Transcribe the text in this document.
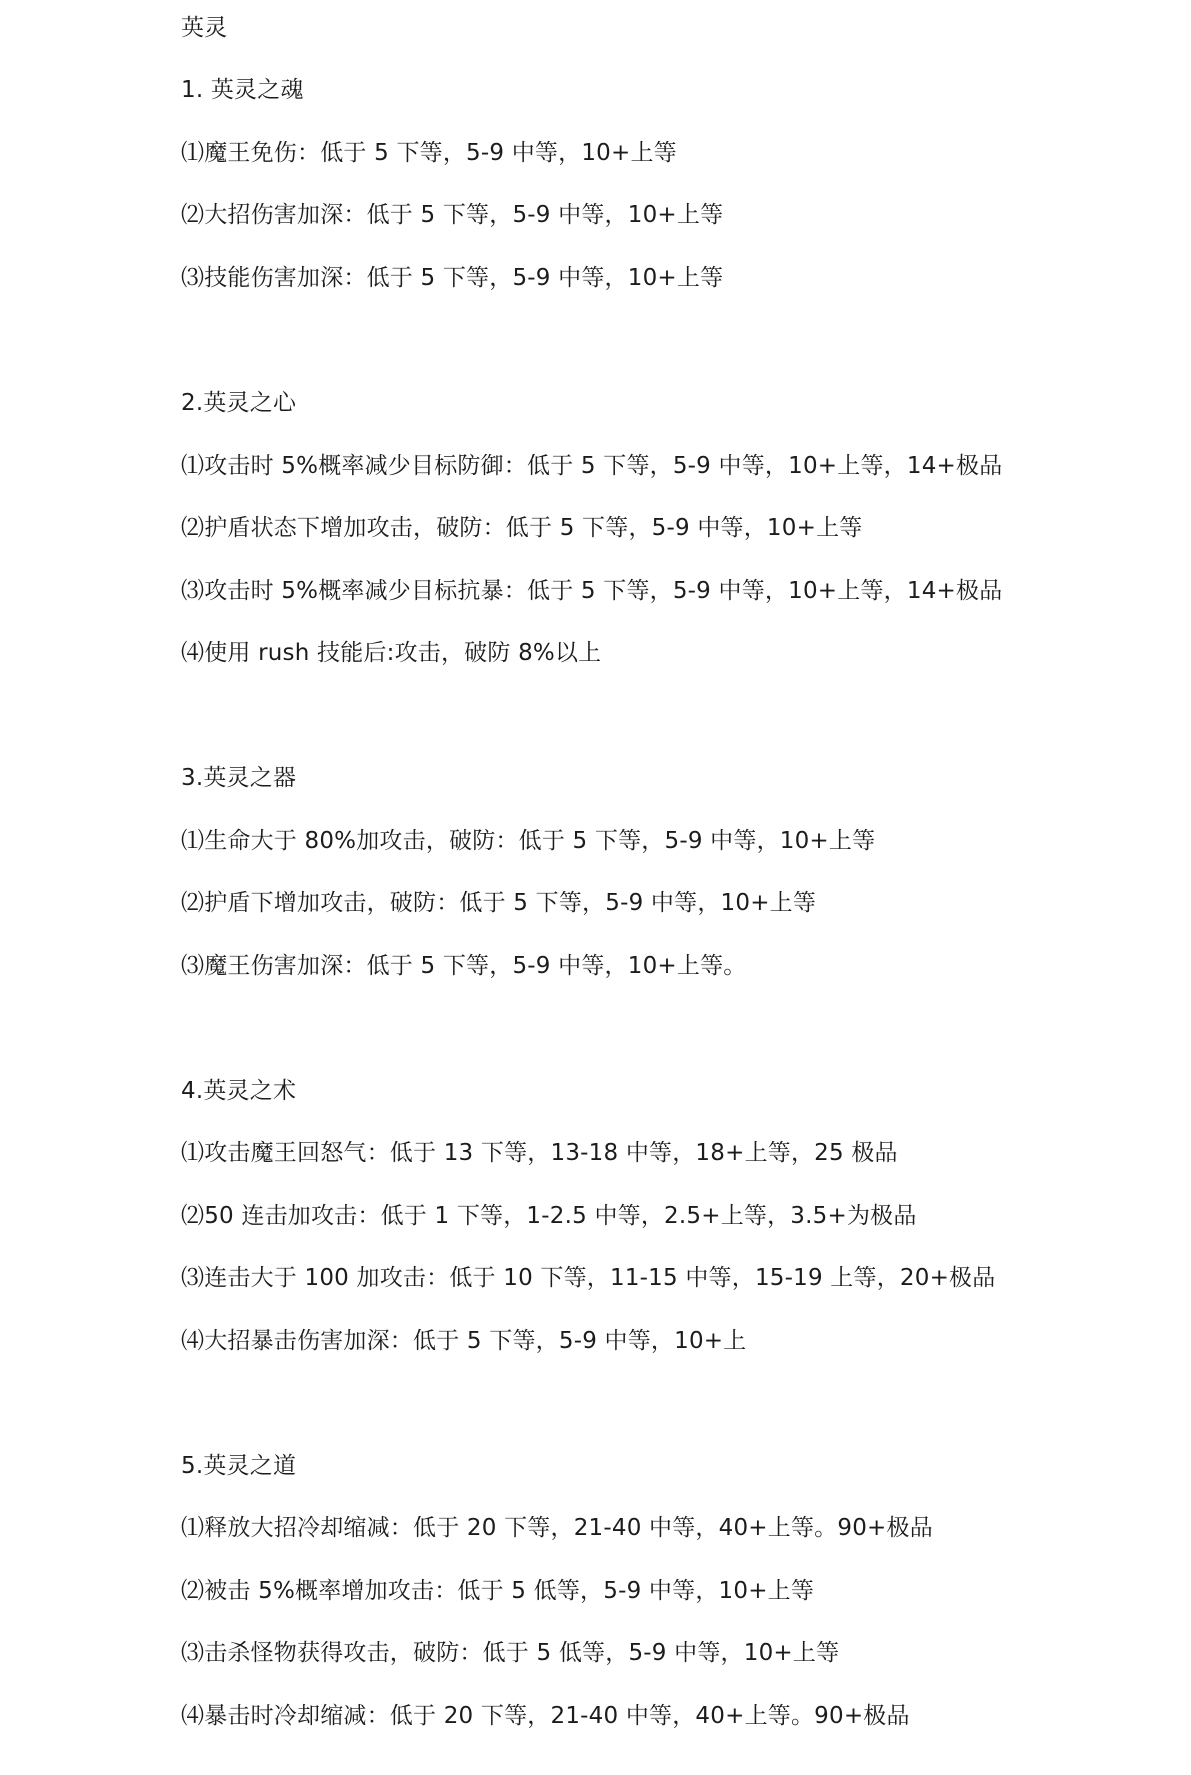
英灵
1. 英灵之魂
⑴魔王免伤：低于 5 下等，5-9 中等，10+上等
⑵大招伤害加深：低于 5 下等，5-9 中等，10+上等
⑶技能伤害加深：低于 5 下等，5-9 中等，10+上等
2.英灵之心
⑴攻击时 5%概率减少目标防御：低于 5 下等，5-9 中等，10+上等，14+极品
⑵护盾状态下增加攻击，破防：低于 5 下等，5-9 中等，10+上等
⑶攻击时 5%概率减少目标抗暴：低于 5 下等，5-9 中等，10+上等，14+极品
⑷使用 rush 技能后:攻击，破防 8%以上
3.英灵之器
⑴生命大于 80%加攻击，破防：低于 5 下等，5-9 中等，10+上等
⑵护盾下增加攻击，破防：低于 5 下等，5-9 中等，10+上等
⑶魔王伤害加深：低于 5 下等，5-9 中等，10+上等。
4.英灵之术
⑴攻击魔王回怒气：低于 13 下等，13-18 中等，18+上等，25 极品
⑵50 连击加攻击：低于 1 下等，1-2.5 中等，2.5+上等，3.5+为极品
⑶连击大于 100 加攻击：低于 10 下等，11-15 中等，15-19 上等，20+极品
⑷大招暴击伤害加深：低于 5 下等，5-9 中等，10+上
5.英灵之道
⑴释放大招冷却缩减：低于 20 下等，21-40 中等，40+上等。90+极品
⑵被击 5%概率增加攻击：低于 5 低等，5-9 中等，10+上等
⑶击杀怪物获得攻击，破防：低于 5 低等，5-9 中等，10+上等
⑷暴击时冷却缩减：低于 20 下等，21-40 中等，40+上等。90+极品
